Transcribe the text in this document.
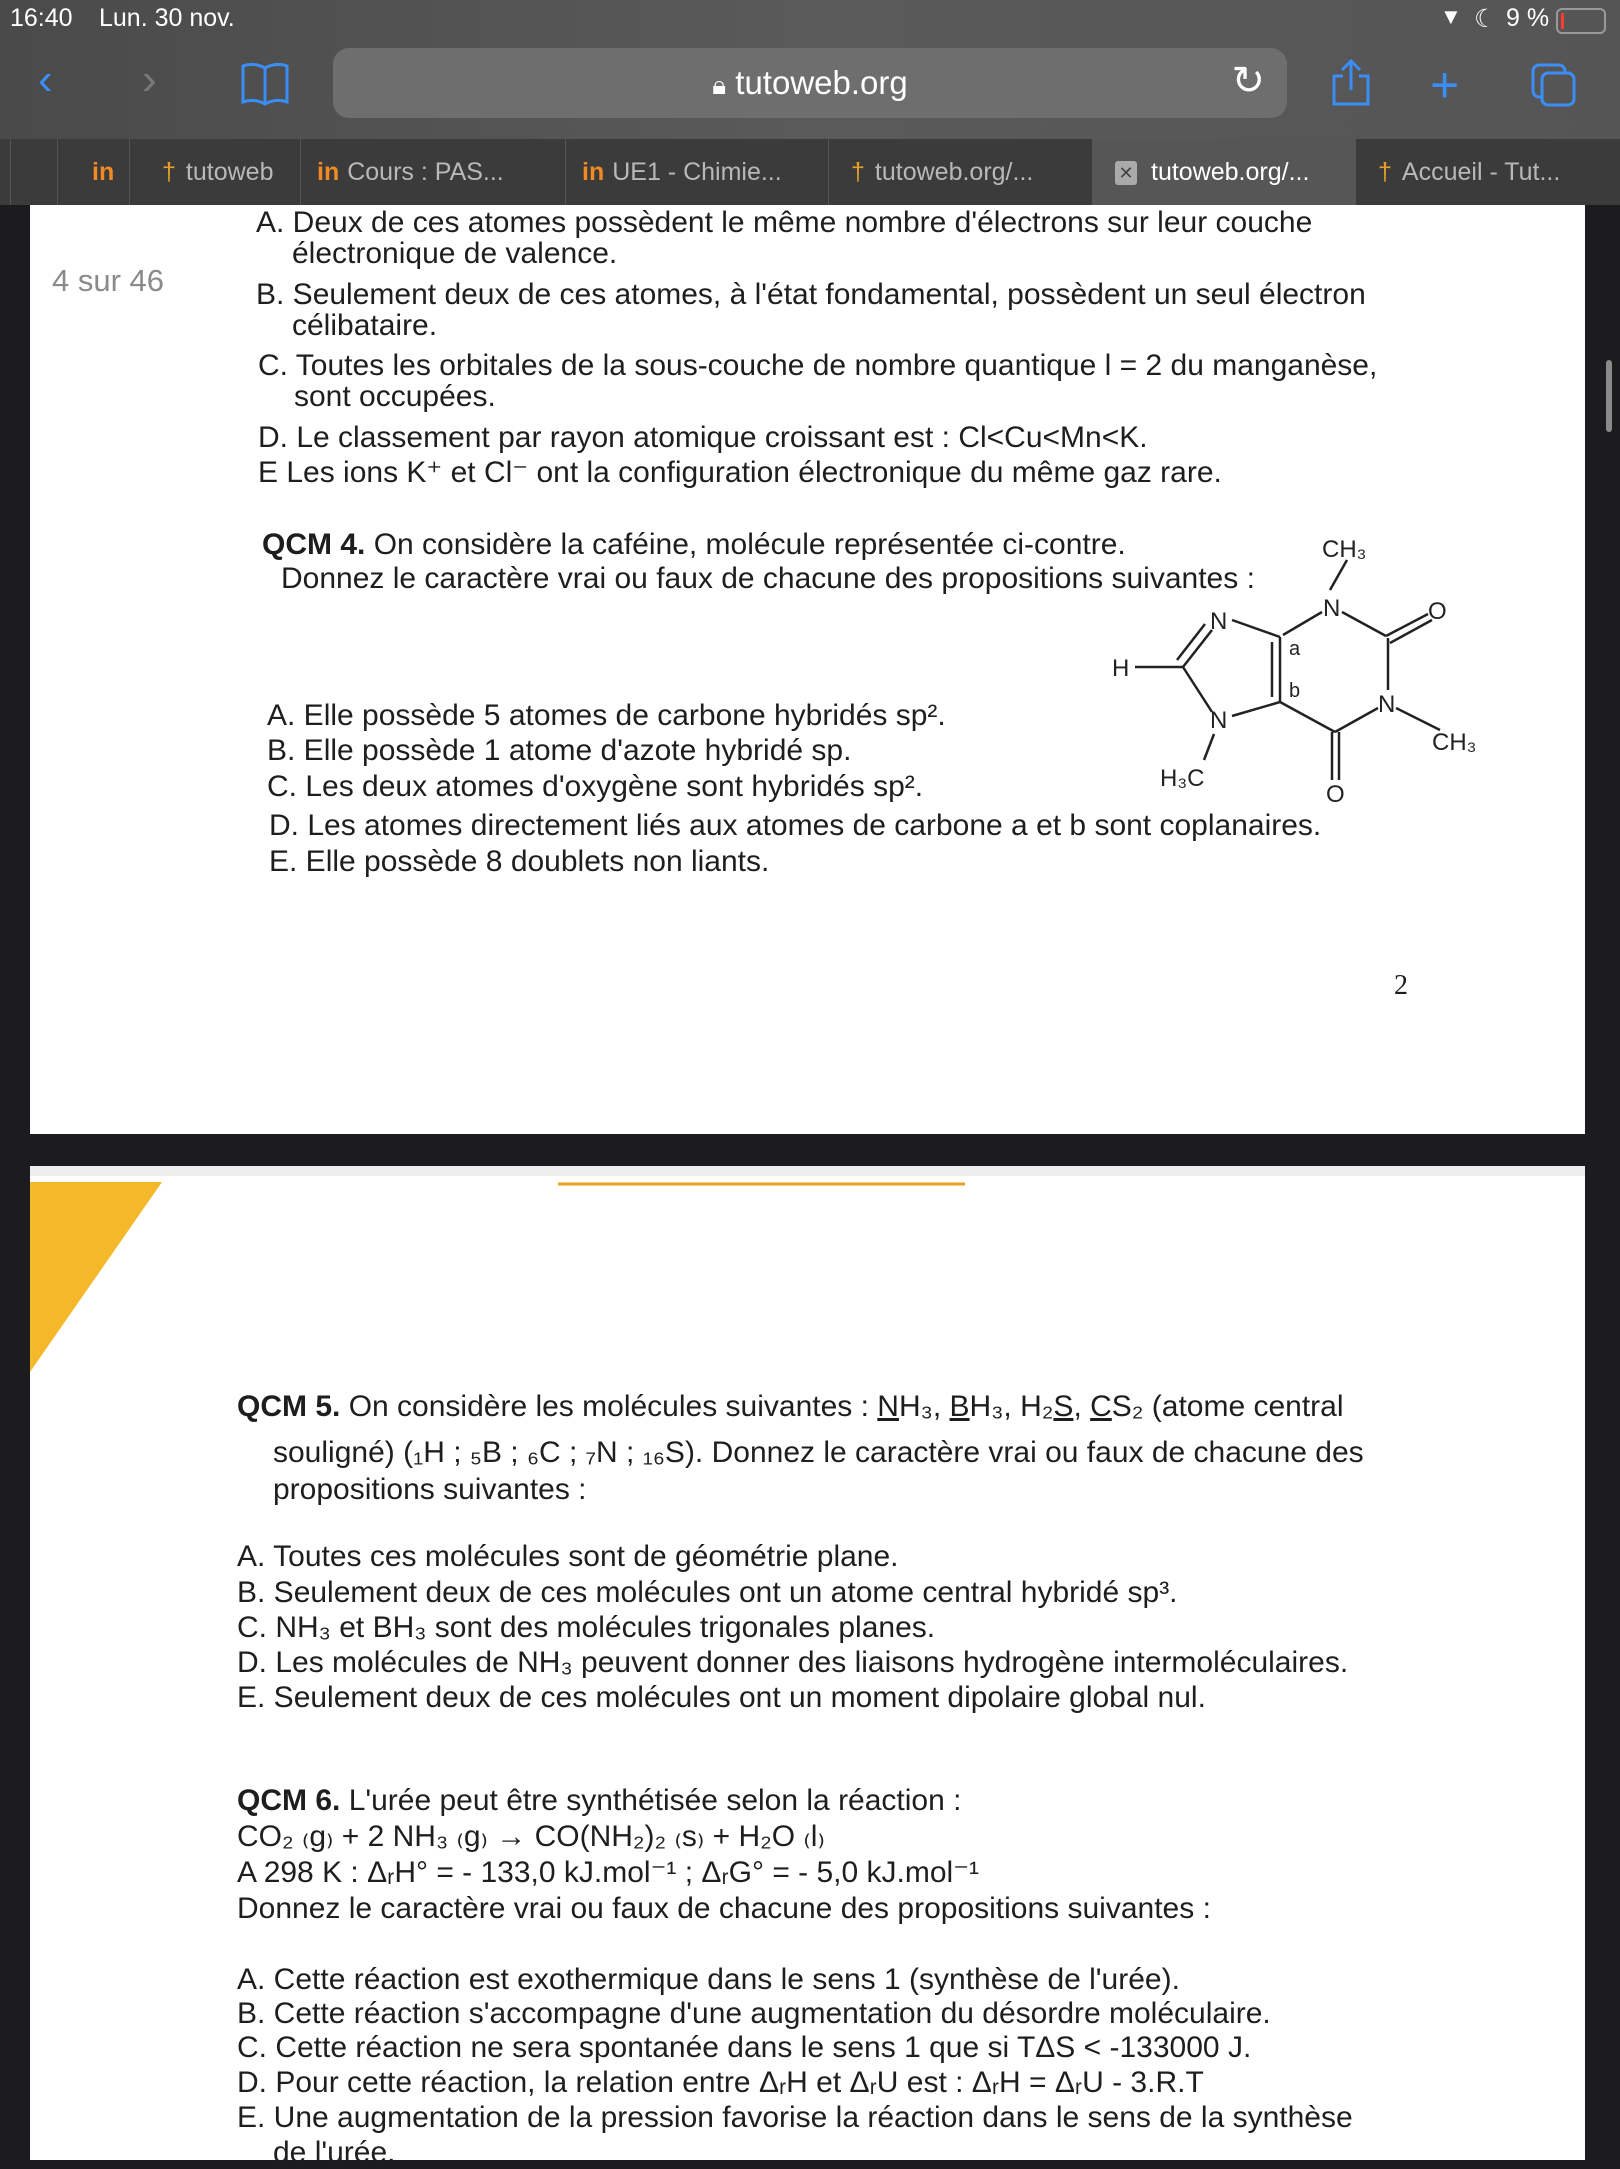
16:40 Lun. 30 nov.	▼ ☾ 9 %
‹ ›	🔒︎ tutoweb.org	↻	+
in	† tutoweb	in Cours : PAS...	in UE1 - Chimie...	† tutoweb.org/...	✕ tutoweb.org/...	† Accueil - Tut...
4 sur 46
A. Deux de ces atomes possèdent le même nombre d'électrons sur leur couche
électronique de valence.
B. Seulement deux de ces atomes, à l'état fondamental, possèdent un seul électron
célibataire.
C. Toutes les orbitales de la sous-couche de nombre quantique l = 2 du manganèse,
sont occupées.
D. Le classement par rayon atomique croissant est : Cl<Cu<Mn<K.
E Les ions K⁺ et Cl⁻ ont la configuration électronique du même gaz rare.
QCM 4. On considère la caféine, molécule représentée ci-contre.
Donnez le caractère vrai ou faux de chacune des propositions suivantes :
CH₃
N	O
N
a
H
b	N
N
CH₃
H₃C
O
A. Elle possède 5 atomes de carbone hybridés sp².
B. Elle possède 1 atome d'azote hybridé sp.
C. Les deux atomes d'oxygène sont hybridés sp².
D. Les atomes directement liés aux atomes de carbone a et b sont coplanaires.
E. Elle possède 8 doublets non liants.
2
QCM 5. On considère les molécules suivantes : NH₃, BH₃, H₂S, CS₂ (atome central
souligné) (₁H ; ₅B ; ₆C ; ₇N ; ₁₆S). Donnez le caractère vrai ou faux de chacune des
propositions suivantes :
A. Toutes ces molécules sont de géométrie plane.
B. Seulement deux de ces molécules ont un atome central hybridé sp³.
C. NH₃ et BH₃ sont des molécules trigonales planes.
D. Les molécules de NH₃ peuvent donner des liaisons hydrogène intermoléculaires.
E. Seulement deux de ces molécules ont un moment dipolaire global nul.
QCM 6. L'urée peut être synthétisée selon la réaction :
CO₂ ₍g₎ + 2 NH₃ ₍g₎ → CO(NH₂)₂ ₍s₎ + H₂O ₍l₎
A 298 K : ΔᵣH° = - 133,0 kJ.mol⁻¹ ; ΔᵣG° = - 5,0 kJ.mol⁻¹
Donnez le caractère vrai ou faux de chacune des propositions suivantes :
A. Cette réaction est exothermique dans le sens 1 (synthèse de l'urée).
B. Cette réaction s'accompagne d'une augmentation du désordre moléculaire.
C. Cette réaction ne sera spontanée dans le sens 1 que si TΔS < -133000 J.
D. Pour cette réaction, la relation entre ΔᵣH et ΔᵣU est : ΔᵣH = ΔᵣU - 3.R.T
E. Une augmentation de la pression favorise la réaction dans le sens de la synthèse
de l'urée.
